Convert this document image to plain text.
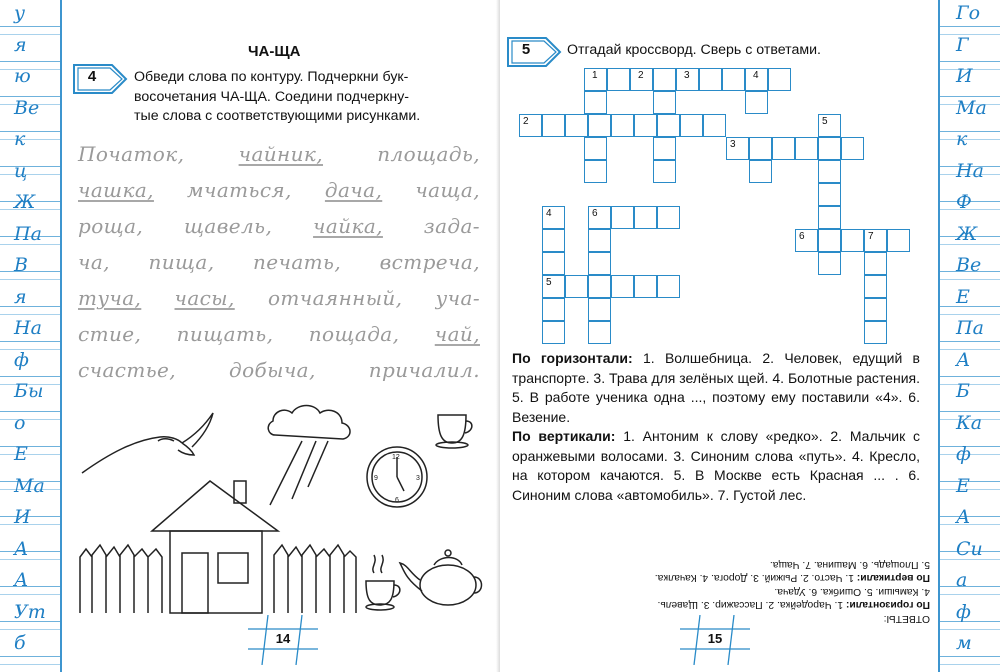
у
я
ю
Ве
к
ц
Ж
Па
В
я
На
ф
Бы
о
Е
Ма
И
А
А
Ут
б
ЧА-ЩА
4	Обведи слова по контуру. Подчеркни бук-
восочетания ЧА-ЩА. Соедини подчеркну-
тые слова с соответствующими рисунками.
Початок,	чайник,	площадь,
чашка, мчаться, дача, чаща,
роща, щавель, чайка, зада-
ча, пища, печать, встреча,
туча, часы, отчаянный, уча-
стие, пищать, пощада, чай,
счастье,	добыча,	причалил.
12
6
9	3
14
Го
Г
И
Ма
к
На
Ф
Ж
Ве
Е
Па
А
Б
Ка
ф
Е
А
Си
а
ф
м
5	Отгадай кроссворд. Сверь с ответами.
1	2	3	4
2	5
3
4	6
6	7
5
По горизонтали: 1. Волшебница. 2. Человек, едущий в транспорте. 3. Трава для зелёных щей. 4. Болотные растения. 5. В работе ученика одна ..., поэтому ему поставили «4». 6. Везение.
По вертикали: 1. Антоним к слову «редко». 2. Мальчик с оранжевыми волосами. 3. Синоним слова «путь». 4. Кресло, на котором качаются. 5. В Москве есть Красная ... . 6. Синоним слова «автомобиль». 7. Густой лес.
ОТВЕТЫ:
По горизонтали: 1. Чародейка. 2. Пассажир. 3. Щавель.
4. Камыши. 5. Ошибка. 6. Удача.
По вертикали: 1. Часто. 2. Рыжий. 3. Дорога. 4. Качалка.
5. Площадь. 6. Машина. 7. Чаща.
15
